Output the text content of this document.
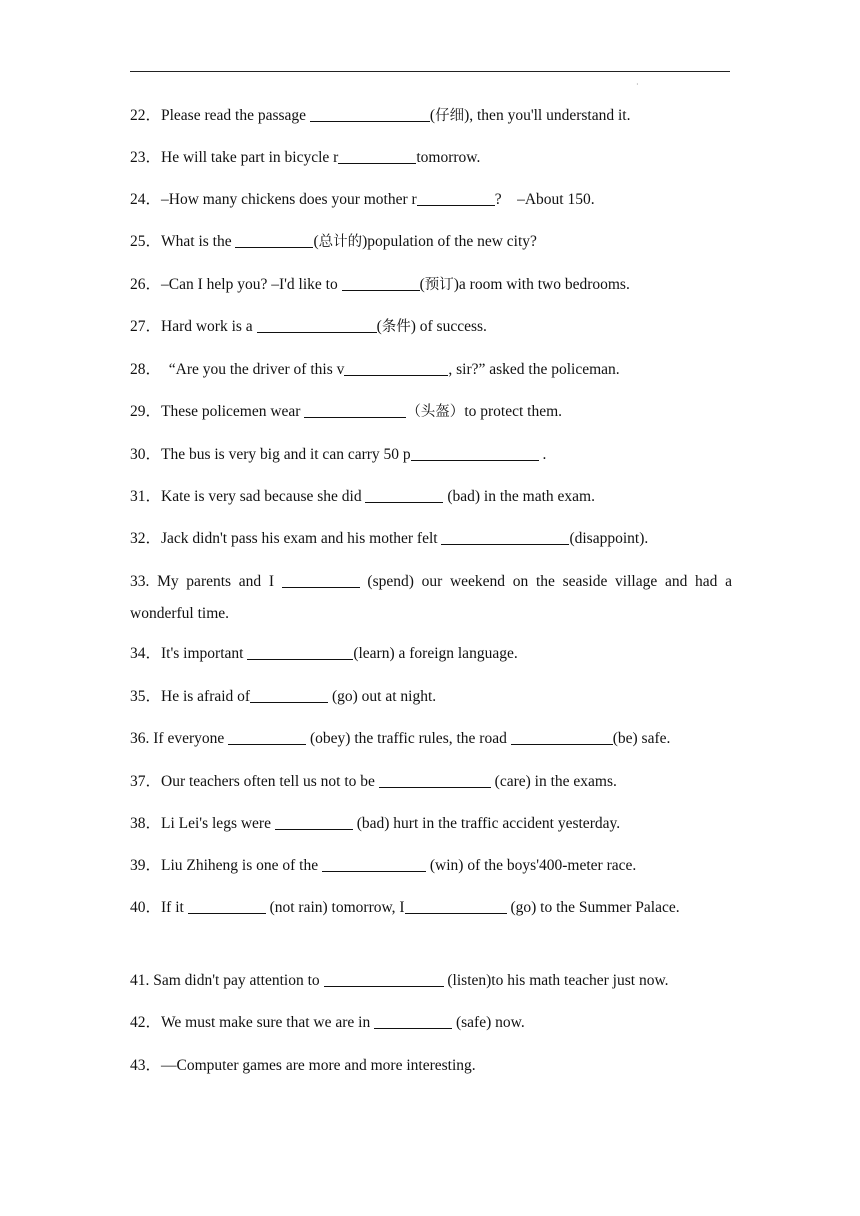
·
22．Please read the passage	(仔细), then you'll understand it.
23．He will take part in bicycle r	tomorrow.
24．–How many chickens does your mother r	?    –About 150.
25．What is the	(总计的)population of the new city?
26．–Can I help you? –I'd like to	(预订)a room with two bedrooms.
27．Hard work is a	(条件) of success.
28．  “Are you the driver of this v	, sir?” asked the policeman.
29．These policemen wear	（头盔）to protect them.
30．The bus is very big and it can carry 50 p	.
31．Kate is very sad because she did	(bad) in the math exam.
32．Jack didn't pass his exam and his mother felt	(disappoint).
33. My parents and I	(spend) our weekend on the seaside village and had a wonderful time.
34．It's important	(learn) a foreign language.
35．He is afraid of	(go) out at night.
36. If everyone	(obey) the traffic rules, the road	(be) safe.
37．Our teachers often tell us not to be	(care) in the exams.
38．Li Lei's legs were	(bad) hurt in the traffic accident yesterday.
39．Liu Zhiheng is one of the	(win) of the boys'400-meter race.
40．If it	(not rain) tomorrow, I	(go) to the Summer Palace.
41. Sam didn't pay attention to	(listen)to his math teacher just now.
42．We must make sure that we are in	(safe) now.
43．—Computer games are more and more interesting.
